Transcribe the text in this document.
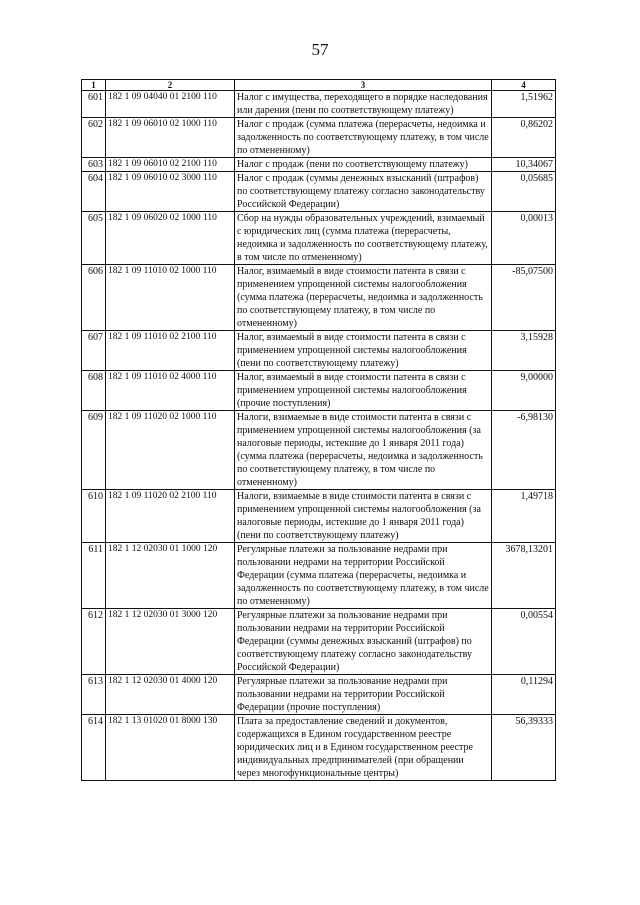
57
1	2	3	4
601	182 1 09 04040 01 2100 110	Налог с имущества, переходящего в порядке наследования или дарения (пени по соответствующему платежу)	1,51962
602	182 1 09 06010 02 1000 110	Налог с продаж (сумма платежа (перерасчеты, недоимка и задолженность по соответствующему платежу, в том числе по отмененному)	0,86202
603	182 1 09 06010 02 2100 110	Налог с продаж (пени по соответствующему платежу)	10,34067
604	182 1 09 06010 02 3000 110	Налог с продаж (суммы денежных взысканий (штрафов) по соответствующему платежу согласно законодательству Российской Федерации)	0,05685
605	182 1 09 06020 02 1000 110	Сбор на нужды образовательных учреждений, взимаемый с юридических лиц (сумма платежа (перерасчеты, недоимка и задолженность по соответствующему платежу, в том числе по отмененному)	0,00013
606	182 1 09 11010 02 1000 110	Налог, взимаемый в виде стоимости патента в связи с применением упрощенной системы налогообложения (сумма платежа (перерасчеты, недоимка и задолженность по соответствующему платежу, в том числе по отмененному)	-85,07500
607	182 1 09 11010 02 2100 110	Налог, взимаемый в виде стоимости патента в связи с применением упрощенной системы налогообложения (пени по соответствующему платежу)	3,15928
608	182 1 09 11010 02 4000 110	Налог, взимаемый в виде стоимости патента в связи с применением упрощенной системы налогообложения (прочие поступления)	9,00000
609	182 1 09 11020 02 1000 110	Налоги, взимаемые в виде стоимости патента в связи с применением упрощенной системы налогообложения (за налоговые периоды, истекшие до 1 января 2011 года) (сумма платежа (перерасчеты, недоимка и задолженность по соответствующему платежу, в том числе по отмененному)	-6,98130
610	182 1 09 11020 02 2100 110	Налоги, взимаемые в виде стоимости патента в связи с применением упрощенной системы налогообложения (за налоговые периоды, истекшие до 1 января 2011 года) (пени по соответствующему платежу)	1,49718
611	182 1 12 02030 01 1000 120	Регулярные платежи за пользование недрами при пользовании недрами на территории Российской Федерации (сумма платежа (перерасчеты, недоимка и задолженность по соответствующему платежу, в том числе по отмененному)	3678,13201
612	182 1 12 02030 01 3000 120	Регулярные платежи за пользование недрами при пользовании недрами на территории Российской Федерации (суммы денежных взысканий (штрафов) по соответствующему платежу согласно законодательству Российской Федерации)	0,00554
613	182 1 12 02030 01 4000 120	Регулярные платежи за пользование недрами при пользовании недрами на территории Российской Федерации (прочие поступления)	0,11294
614	182 1 13 01020 01 8000 130	Плата за предоставление сведений и документов, содержащихся в Едином государственном реестре юридических лиц и в Едином государственном реестре индивидуальных предпринимателей (при обращении через многофункциональные центры)	56,39333
